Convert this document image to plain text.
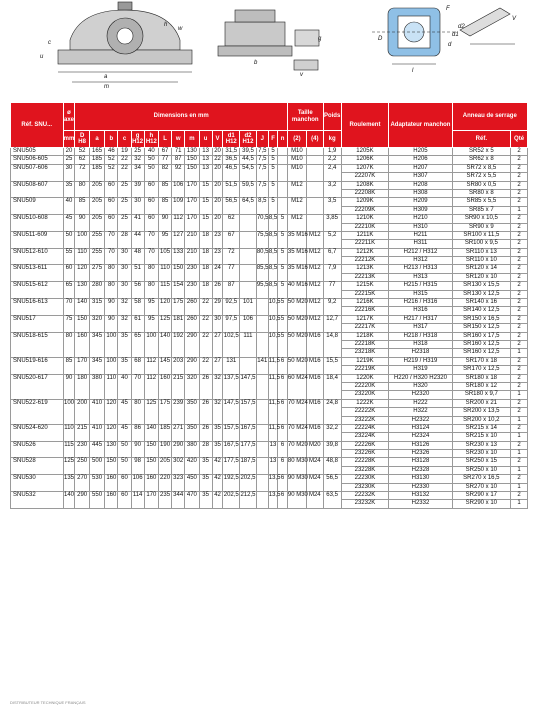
a
m
u
c
h
w
v
g
b
l
D
d
d1
d2
F
V
Réf. SNU...	ø axe	Dimensions en mm																Taille manchon		Poids	Roulement	Adaptateur manchon	Anneau de serrage	
	mm	D H8	a	b	c	g H12	h H12	L	w	m	u	V	d1 H12	d2 H12	J	F	n	(2)	(4)	kg			Réf.	Qté
SNU505	20	52	165	46	19	25	40	67	71	130	13	20	31,5	39,5	7,5	5		M10		1,9	1205K	H205	SR52 x 5	2
SNU506-605	25	62	185	52	22	32	50	77	87	150	13	22	36,5	44,5	7,5	5		M10		2,2	1206K	H206	SR62 x 8	2
SNU507-606	30	72	185	52	22	34	50	82	92	150	13	20	46,5	54,5	7,5	5		M10		2,4	1207K	H207	SR72 x 8,5	2
																					22207K	H307	SR72 x 5,5	2
SNU508-607	35	80	205	60	25	39	60	85	106	170	15	20	51,5	59,5	7,5	5		M12		3,2	1208K	H208	SR80 x 0,5	2
																					22208K	H308	SR80 x 8	2
SNU509	40	85	205	60	25	30	60	85	109	170	15	20	56,5	64,5	8,5	5		M12		3,5	1209K	H209	SR85 x 5,5	2
																					22209K	H309	SR85 x 7	1
SNU510-608	45	90	205	60	25	41	60	90	112	170	15	20	62		70,5	8,5	5	M12		3,85	1210K	H210	SR90 x 10,5	2
																					22210K	H310	SR90 x 9	2
SNU511-609	50	100	255	70	28	44	70	95	127	210	18	23	67		75,5	8,5	5	35 M16	M12	5,2	1211K	H211	SR100 x 11,5	2
																					22211K	H311	SR100 x 9,5	2
SNU512-610	55	110	255	70	30	48	70	105	133	210	18	23	72		80,5	8,5	5	35 M16	M12	6,7	1212K	H212 / H312	SR110 x 13	2
																					22212K	H312	SR110 x 10	2
SNU513-611	60	120	275	80	30	51	80	110	150	230	18	24	77		85,5	8,5	5	35 M16	M12	7,9	1213K	H213 / H313	SR120 x 14	2
																					22213K	H313	SR120 x 10	2
SNU515-612	65	130	280	80	30	56	80	115	154	230	18	26	87		95,5	8,5	5	40 M16	M12	77	1215K	H215 / H315	SR130 x 15,5	2
																					22215K	H315	SR130 x 12,5	2
SNU516-613	70	140	315	90	32	58	95	120	175	260	22	29	92,5	101		10,5	5	50 M20	M12	9,2	1216K	H216 / H316	SR140 x 16	2
																					22216K	H316	SR140 x 12,5	2
SNU517	75	150	320	90	32	61	95	125	181	260	22	30	97,5	106		10,5	5	50 M20	M12	12,7	1217K	H217 / H317	SR150 x 16,5	2
																					22217K	H317	SR150 x 12,5	2
SNU518-615	80	160	345	100	35	65	100	140	192	290	22	27	102,5	111		10,5	5	50 M20	M16	14,8	1218K	H218 / H318	SR160 x 17,5	2
																					22218K	H318	SR160 x 12,5	2
																					23218K	H2318	SR160 x 12,5	1
SNU519-616	85	170	345	100	35	68	112	145	203	290	22	27	131		141	11,5	6	50 M20	M16	15,5	1219K	H219 / H319	SR170 x 18	2
																					22219K	H319	SR170 x 12,5	2
SNU520-617	90	180	380	110	40	70	112	160	215	320	26	32	137,5	147,5		11,5	6	60 M24	M16	18,4	1220K	H220 / H320 H2320	SR180 x 18	2
																					22220K	H320	SR180 x 12	2
																					23220K	H2320	SR180 x 9,7	1
SNU522-619	100	200	410	120	45	80	125	175	239	350	26	32	147,5	157,5		11,5	6	70 M24	M16	24,8	1222K	H222	SR200 x 21	2
																					22222K	H322	SR200 x 13,5	2
																					23222K	H2322	SR200 x 10,2	1
SNU524-620	110	215	410	120	45	86	140	185	271	350	26	35	157,5	167,5		11,5	6	70 M24	M16	32,2	22224K	H3124	SR215 x 14	2
																					23224K	H2324	SR215 x 10	1
SNU526	115	230	445	130	50	90	150	190	290	380	28	35	167,5	177,5		13	6	70 M20	M20	39,8	22226K	H3126	SR230 x 13	2
																					23226K	H2326	SR230 x 10	1
SNU528	125	250	500	150	50	98	150	205	302	420	35	42	177,5	187,5		13	6	80 M30	M24	48,8	22228K	H3128	SR250 x 15	2
																					23228K	H2328	SR250 x 10	1
SNU530	135	270	530	160	60	106	160	220	323	450	35	42	192,5	202,5		13,5	6	90 M30	M24	56,5	22230K	H3130	SR270 x 16,5	2
																					23230K	H2330	SR270 x 10	1
SNU532	140	290	550	160	60	114	170	235	344	470	35	42	202,5	212,5		13,5	6	90 M30	M24	63,5	22232K	H3132	SR290 x 17	2
																					23232K	H2332	SR290 x 10	1
DISTRIBUTEUR TECHNIQUE FRANÇAIS
